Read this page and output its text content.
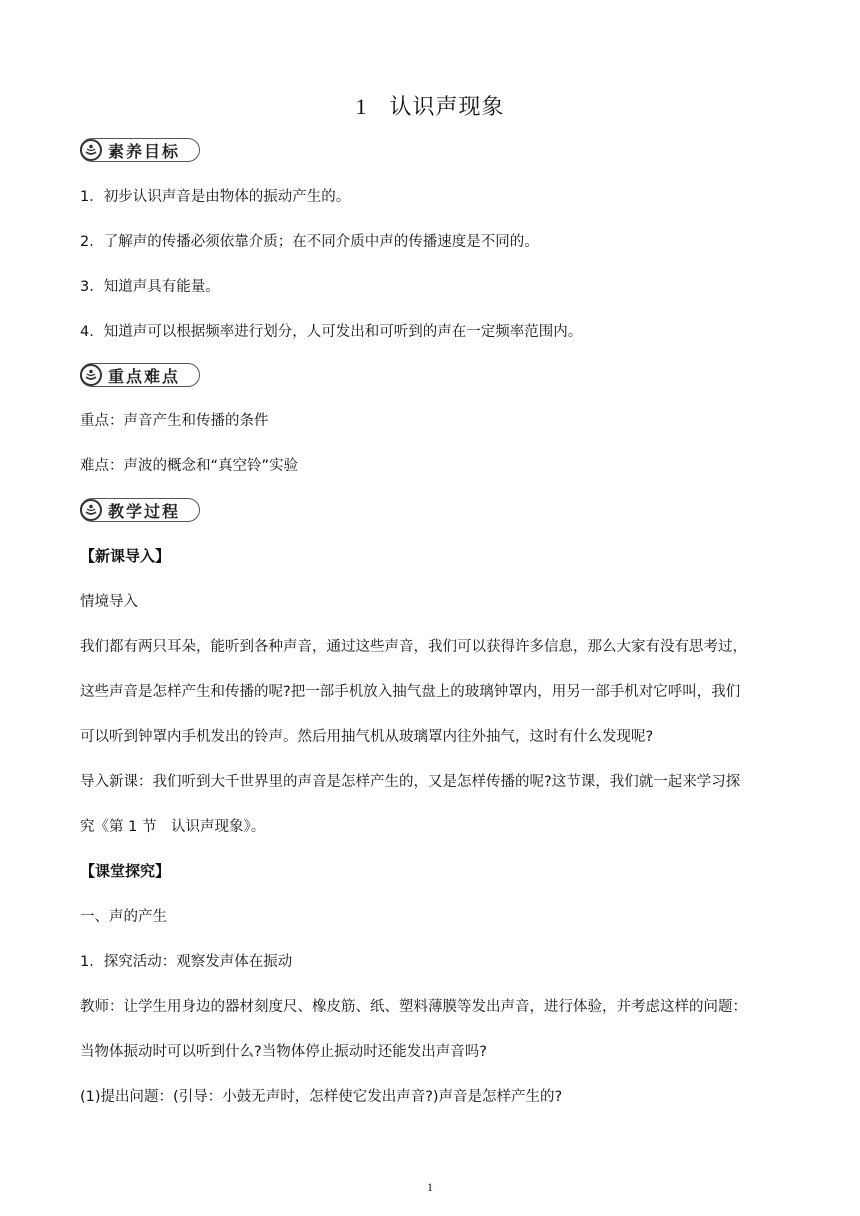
1 认识声现象
素养目标
1．初步认识声音是由物体的振动产生的。
2．了解声的传播必须依靠介质；在不同介质中声的传播速度是不同的。
3．知道声具有能量。
4．知道声可以根据频率进行划分，人可发出和可听到的声在一定频率范围内。
重点难点
重点：声音产生和传播的条件
难点：声波的概念和“真空铃”实验
教学过程
【新课导入】
情境导入
我们都有两只耳朵，能听到各种声音，通过这些声音，我们可以获得许多信息，那么大家有没有思考过，
这些声音是怎样产生和传播的呢?把一部手机放入抽气盘上的玻璃钟罩内，用另一部手机对它呼叫，我们
可以听到钟罩内手机发出的铃声。然后用抽气机从玻璃罩内往外抽气，这时有什么发现呢?
导入新课：我们听到大千世界里的声音是怎样产生的，又是怎样传播的呢?这节课，我们就一起来学习探
究《第 1 节　认识声现象》。
【课堂探究】
一、声的产生
1．探究活动：观察发声体在振动
教师：让学生用身边的器材刻度尺、橡皮筋、纸、塑料薄膜等发出声音，进行体验，并考虑这样的问题：
当物体振动时可以听到什么?当物体停止振动时还能发出声音吗?
(1)提出问题：(引导：小鼓无声时，怎样使它发出声音?)声音是怎样产生的?
1
